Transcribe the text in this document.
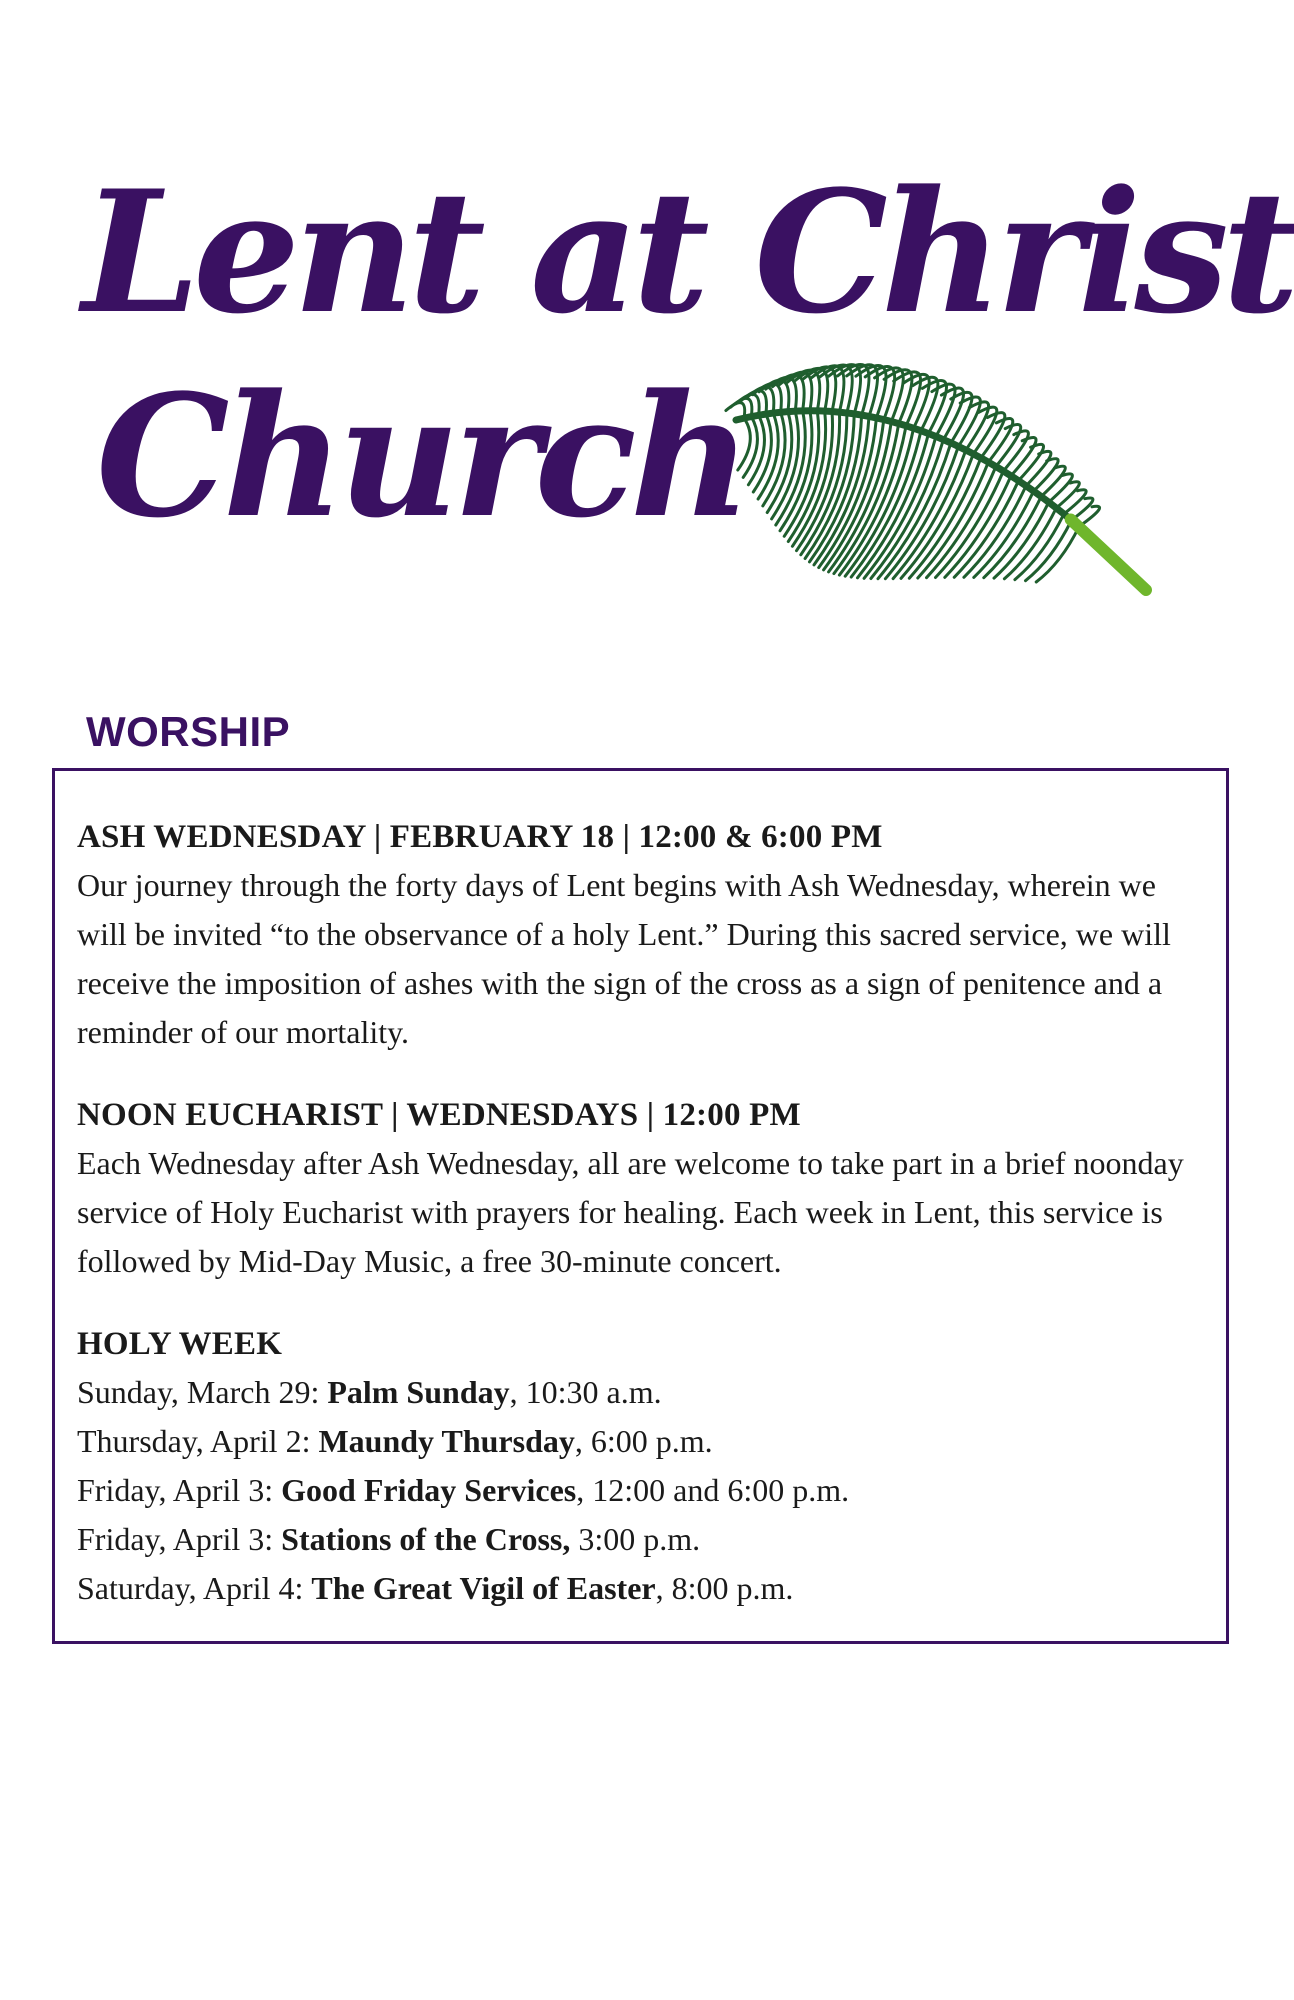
Lent at Christ
Church
WORSHIP

ASH WEDNESDAY | FEBRUARY 18 | 12:00 & 6:00 PM

Our journey through the forty days of Lent begins with Ash Wednesday, wherein we will be invited “to the observance of a holy Lent.” During this sacred service, we will receive the imposition of ashes with the sign of the cross as a sign of penitence and a reminder of our mortality.

NOON EUCHARIST | WEDNESDAYS | 12:00 PM

Each Wednesday after Ash Wednesday, all are welcome to take part in a brief noonday service of Holy Eucharist with prayers for healing. Each week in Lent, this service is followed by Mid-Day Music, a free 30-minute concert.

HOLY WEEK

Sunday, March 29: Palm Sunday, 10:30 a.m.
Thursday, April 2: Maundy Thursday, 6:00 p.m.
Friday, April 3: Good Friday Services, 12:00 and 6:00 p.m.
Friday, April 3: Stations of the Cross, 3:00 p.m.
Saturday, April 4: The Great Vigil of Easter, 8:00 p.m.
